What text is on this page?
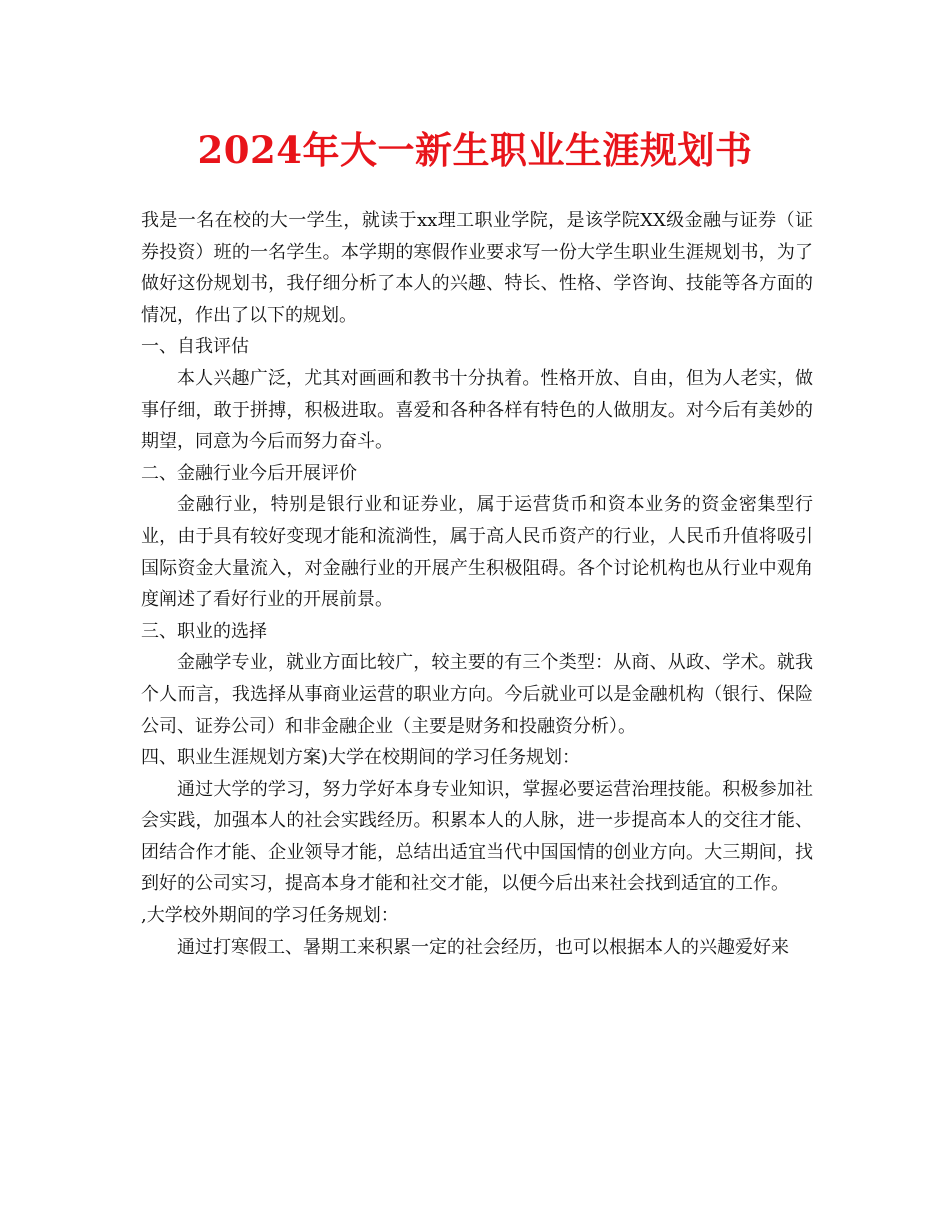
2024年大一新生职业生涯规划书

我是一名在校的大一学生，就读于xx理工职业学院，是该学院XX级金融与证券（证券投资）班的一名学生。本学期的寒假作业要求写一份大学生职业生涯规划书，为了做好这份规划书，我仔细分析了本人的兴趣、特长、性格、学咨询、技能等各方面的情况，作出了以下的规划。

一、自我评估

本人兴趣广泛，尤其对画画和教书十分执着。性格开放、自由，但为人老实，做事仔细，敢于拼搏，积极进取。喜爱和各种各样有特色的人做朋友。对今后有美妙的期望，同意为今后而努力奋斗。

二、金融行业今后开展评价

金融行业，特别是银行业和证券业，属于运营货币和资本业务的资金密集型行业，由于具有较好变现才能和流淌性，属于高人民币资产的行业，人民币升值将吸引国际资金大量流入，对金融行业的开展产生积极阻碍。各个讨论机构也从行业中观角度阐述了看好行业的开展前景。

三、职业的选择

金融学专业，就业方面比较广，较主要的有三个类型：从商、从政、学术。就我个人而言，我选择从事商业运营的职业方向。今后就业可以是金融机构（银行、保险公司、证券公司）和非金融企业（主要是财务和投融资分析）。

四、职业生涯规划方案)大学在校期间的学习任务规划：

通过大学的学习，努力学好本身专业知识，掌握必要运营治理技能。积极参加社会实践，加强本人的社会实践经历。积累本人的人脉，进一步提高本人的交往才能、团结合作才能、企业领导才能，总结出适宜当代中国国情的创业方向。大三期间，找到好的公司实习，提高本身才能和社交才能，以便今后出来社会找到适宜的工作。

,大学校外期间的学习任务规划：

通过打寒假工、暑期工来积累一定的社会经历，也可以根据本人的兴趣爱好来
